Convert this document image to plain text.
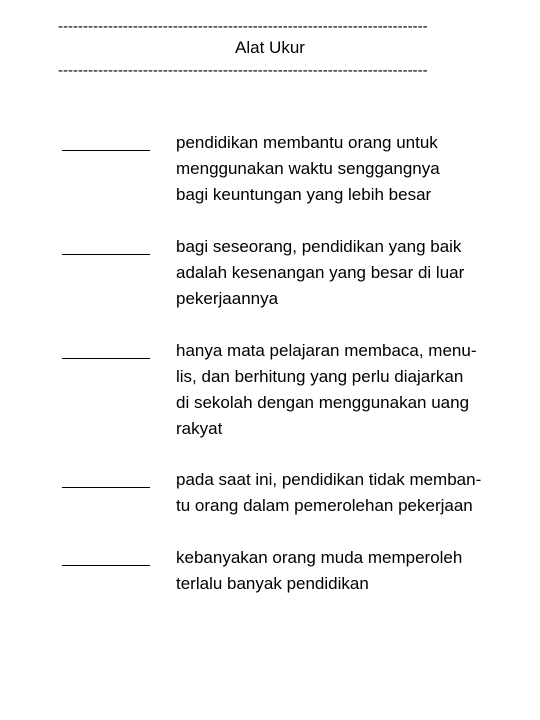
--------------------------------------------------------------------------
Alat Ukur
--------------------------------------------------------------------------
pendidikan membantu orang untuk
menggunakan waktu senggangnya
bagi keuntungan yang lebih besar
bagi seseorang, pendidikan yang baik
adalah kesenangan yang besar di luar
pekerjaannya
hanya mata pelajaran membaca, menu-
lis, dan berhitung yang perlu diajarkan
di sekolah dengan menggunakan uang
rakyat
pada saat ini, pendidikan tidak memban-
tu orang dalam pemerolehan pekerjaan
kebanyakan orang muda memperoleh
terlalu banyak pendidikan
